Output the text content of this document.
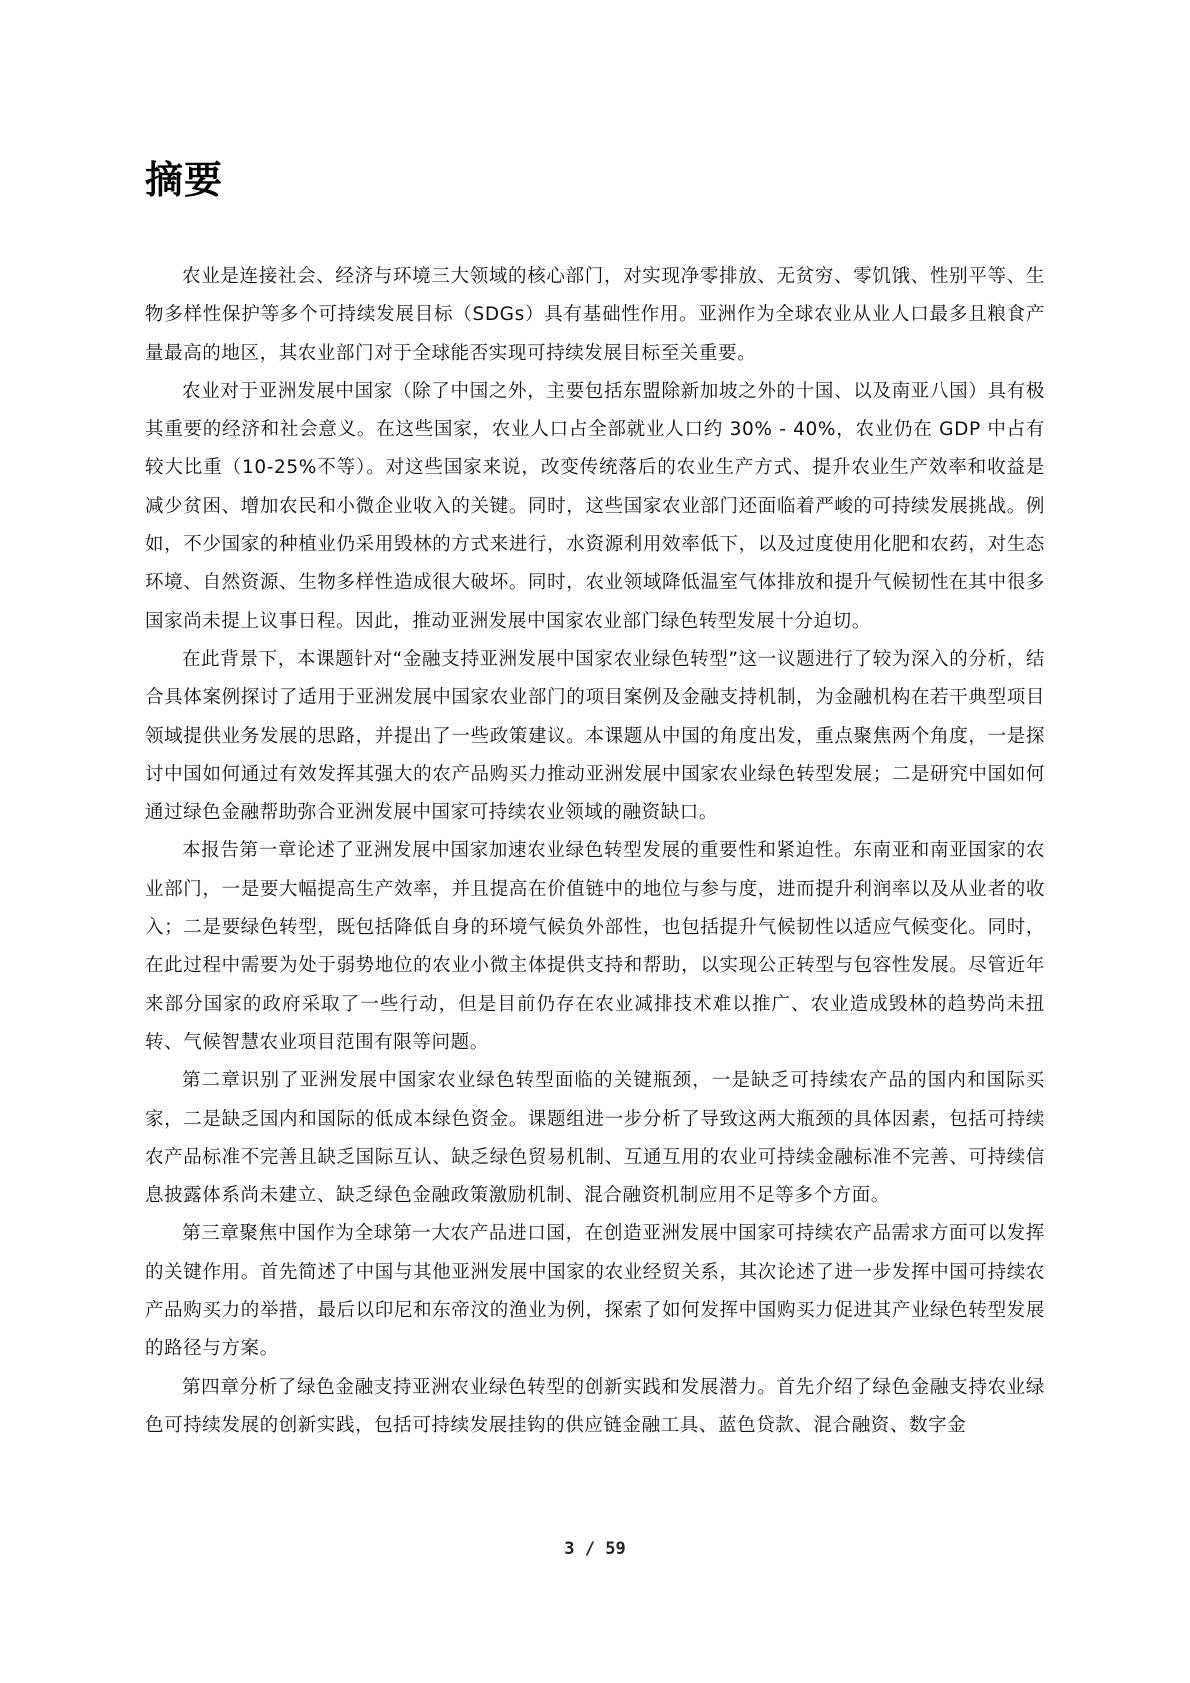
摘要

农业是连接社会、经济与环境三大领域的核心部门，对实现净零排放、无贫穷、零饥饿、性别平等、生物多样性保护等多个可持续发展目标（SDGs）具有基础性作用。亚洲作为全球农业从业人口最多且粮食产量最高的地区，其农业部门对于全球能否实现可持续发展目标至关重要。

农业对于亚洲发展中国家（除了中国之外，主要包括东盟除新加坡之外的十国、以及南亚八国）具有极其重要的经济和社会意义。在这些国家，农业人口占全部就业人口约 30% - 40%，农业仍在 GDP 中占有较大比重（10-25%不等）。对这些国家来说，改变传统落后的农业生产方式、提升农业生产效率和收益是减少贫困、增加农民和小微企业收入的关键。同时，这些国家农业部门还面临着严峻的可持续发展挑战。例如，不少国家的种植业仍采用毁林的方式来进行，水资源利用效率低下，以及过度使用化肥和农药，对生态环境、自然资源、生物多样性造成很大破坏。同时，农业领域降低温室气体排放和提升气候韧性在其中很多国家尚未提上议事日程。因此，推动亚洲发展中国家农业部门绿色转型发展十分迫切。

在此背景下，本课题针对“金融支持亚洲发展中国家农业绿色转型”这一议题进行了较为深入的分析，结合具体案例探讨了适用于亚洲发展中国家农业部门的项目案例及金融支持机制，为金融机构在若干典型项目领域提供业务发展的思路，并提出了一些政策建议。本课题从中国的角度出发，重点聚焦两个角度，一是探讨中国如何通过有效发挥其强大的农产品购买力推动亚洲发展中国家农业绿色转型发展；二是研究中国如何通过绿色金融帮助弥合亚洲发展中国家可持续农业领域的融资缺口。

本报告第一章论述了亚洲发展中国家加速农业绿色转型发展的重要性和紧迫性。东南亚和南亚国家的农业部门，一是要大幅提高生产效率，并且提高在价值链中的地位与参与度，进而提升利润率以及从业者的收入；二是要绿色转型，既包括降低自身的环境气候负外部性，也包括提升气候韧性以适应气候变化。同时，在此过程中需要为处于弱势地位的农业小微主体提供支持和帮助，以实现公正转型与包容性发展。尽管近年来部分国家的政府采取了一些行动，但是目前仍存在农业减排技术难以推广、农业造成毁林的趋势尚未扭转、气候智慧农业项目范围有限等问题。

第二章识别了亚洲发展中国家农业绿色转型面临的关键瓶颈，一是缺乏可持续农产品的国内和国际买家，二是缺乏国内和国际的低成本绿色资金。课题组进一步分析了导致这两大瓶颈的具体因素，包括可持续农产品标准不完善且缺乏国际互认、缺乏绿色贸易机制、互通互用的农业可持续金融标准不完善、可持续信息披露体系尚未建立、缺乏绿色金融政策激励机制、混合融资机制应用不足等多个方面。

第三章聚焦中国作为全球第一大农产品进口国，在创造亚洲发展中国家可持续农产品需求方面可以发挥的关键作用。首先简述了中国与其他亚洲发展中国家的农业经贸关系，其次论述了进一步发挥中国可持续农产品购买力的举措，最后以印尼和东帝汶的渔业为例，探索了如何发挥中国购买力促进其产业绿色转型发展的路径与方案。

第四章分析了绿色金融支持亚洲农业绿色转型的创新实践和发展潜力。首先介绍了绿色金融支持农业绿色可持续发展的创新实践，包括可持续发展挂钩的供应链金融工具、蓝色贷款、混合融资、数字金

3 / 59
